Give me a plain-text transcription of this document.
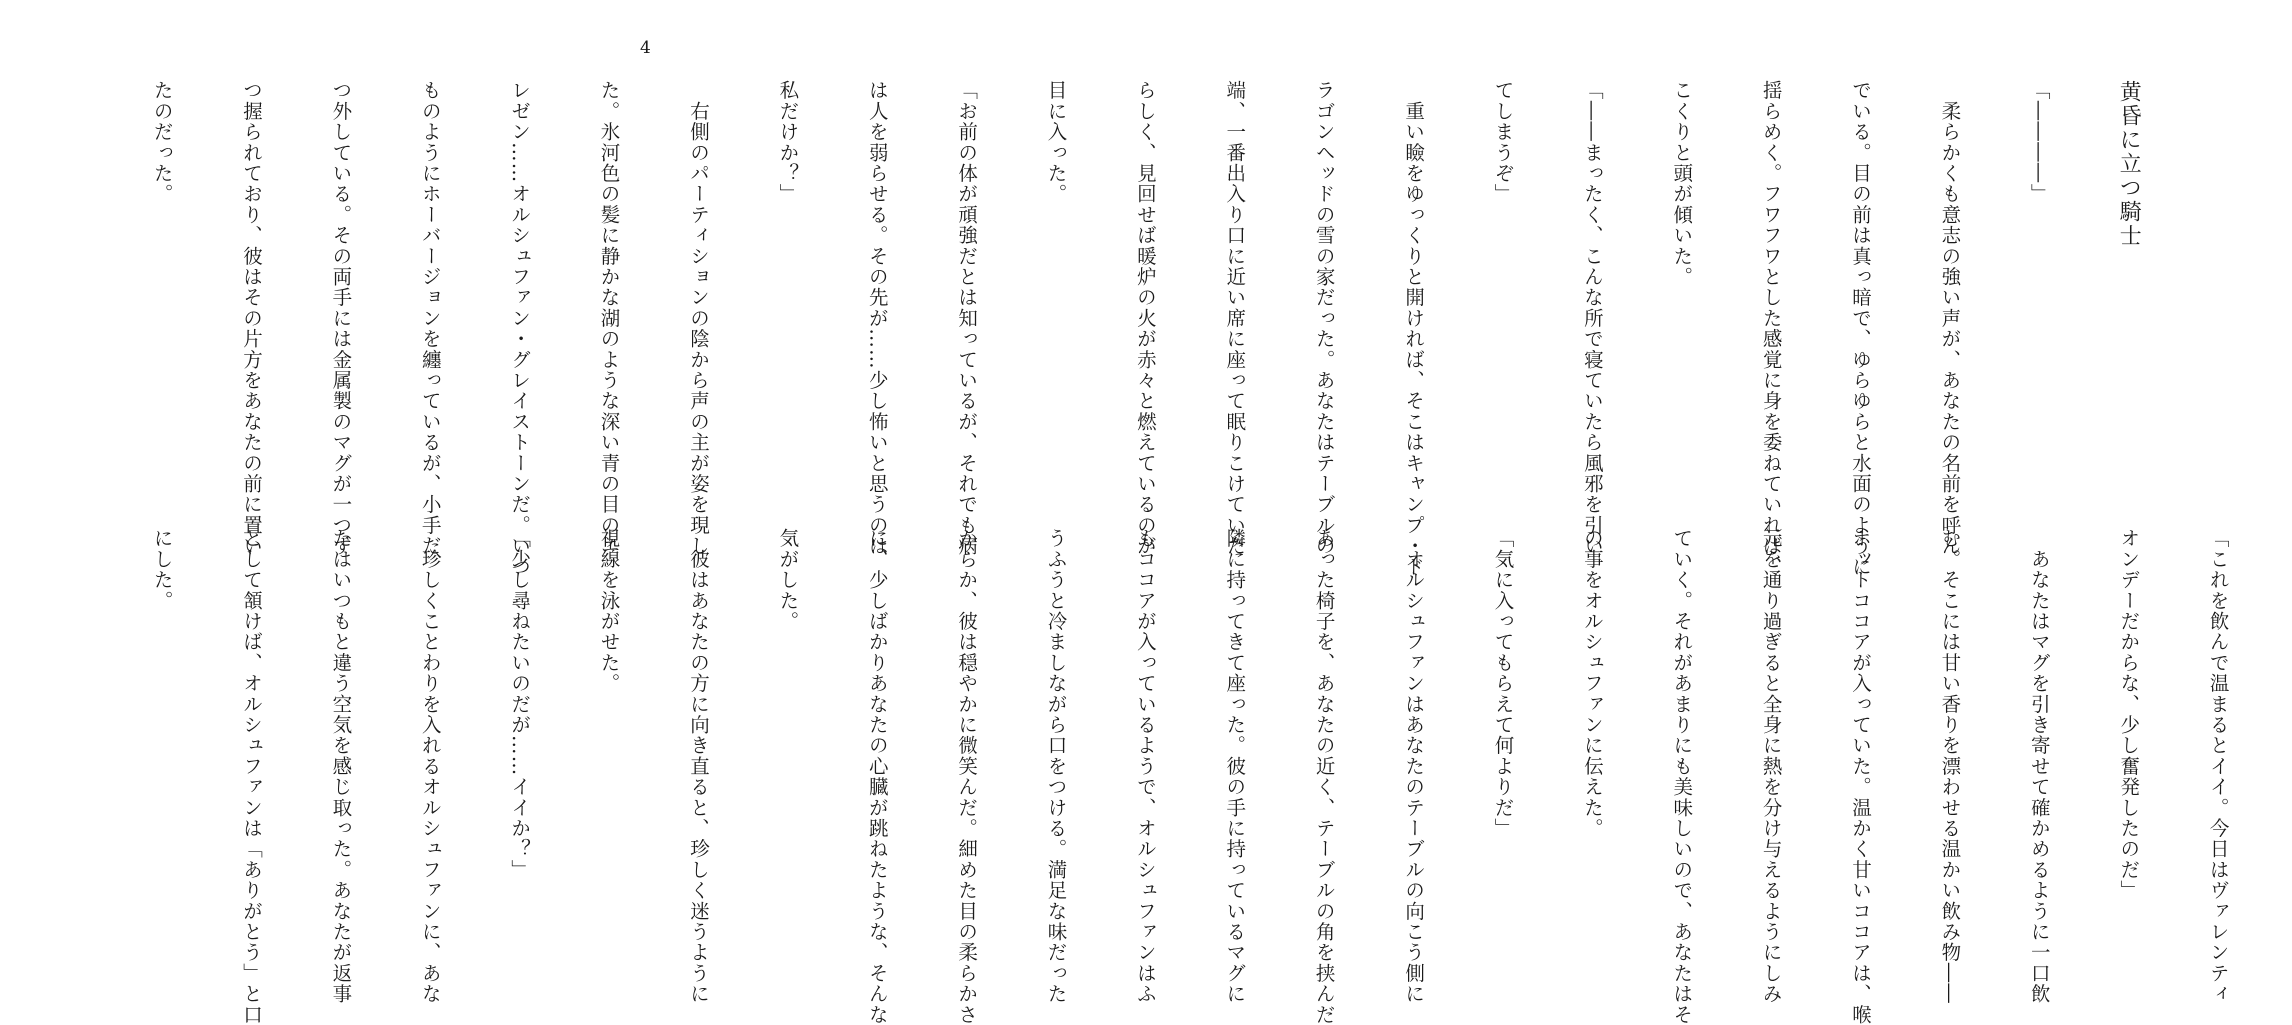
4

黄昏に立つ騎士

「――――」

　柔らかくも意志の強い声が、あなたの名前を呼ん

でいる。目の前は真っ暗で、ゆらゆらと水面のように

揺らめく。フワフワとした感覚に身を委ねていれば、

こくりと頭が傾いた。

「――まったく、こんな所で寝ていたら風邪を引い

てしまうぞ」

　重い瞼をゆっくりと開ければ、そこはキャンプ・ド

ラゴンヘッドの雪の家だった。あなたはテーブルの

端、一番出入り口に近い席に座って眠りこけていた

らしく、見回せば暖炉の火が赤々と燃えているのが

目に入った。

「お前の体が頑強だとは知っているが、それでも病

は人を弱らせる。その先が……少し怖いと思うのは

私だけか？」

　右側のパーティションの陰から声の主が姿を現し

た。氷河色の髪に静かな湖のような深い青の目のエ

レゼン……オルシュファン・グレイストーンだ。いつ

ものようにホーバージョンを纏っているが、小手だ

つ外している。その両手には金属製のマグが一つず

つ握られており、彼はその片方をあなたの前に置い

たのだった。

「これを飲んで温まるとイイ。今日はヴァレンティ

オンデーだからな、少し奮発したのだ」

　あなたはマグを引き寄せて確かめるように一口飲

む。そこには甘い香りを漂わせる温かい飲み物――

ホットココアが入っていた。温かく甘いココアは、喉

元を通り過ぎると全身に熱を分け与えるようにしみ

ていく。それがあまりにも美味しいので、あなたはそ

の事をオルシュファンに伝えた。

「気に入ってもらえて何よりだ」

　オルシュファンはあなたのテーブルの向こう側に

あった椅子を、あなたの近く、テーブルの角を挟んだ

隣に持ってきて座った。彼の手に持っているマグに

もココアが入っているようで、オルシュファンはふ

うふうと冷ましながら口をつける。満足な味だった

からか、彼は穏やかに微笑んだ。細めた目の柔らかさ

に、少しばかりあなたの心臓が跳ねたような、そんな

気がした。

　彼はあなたの方に向き直ると、珍しく迷うように

視線を泳がせた。

「少し尋ねたいのだが……イイか？」

　珍しくことわりを入れるオルシュファンに、あな

たはいつもと違う空気を感じ取った。あなたが返事

として頷けば、オルシュファンは「ありがとう」と口

にした。
